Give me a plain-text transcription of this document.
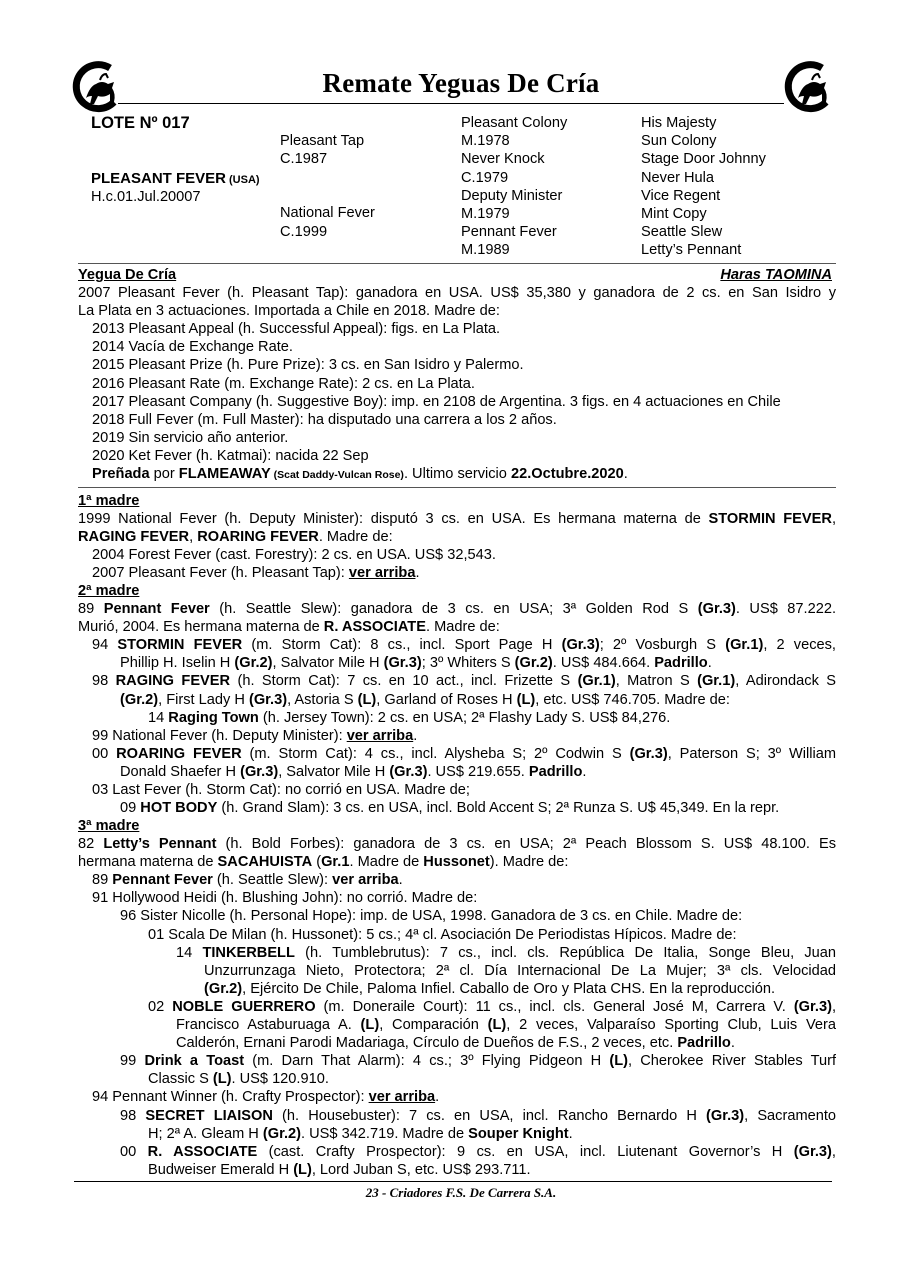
Remate Yeguas De Cría
LOTE Nº 017
PLEASANT FEVER (USA)
H.c.01.Jul.20007
Pleasant Tap
C.1987
National Fever
C.1999
Pleasant Colony
M.1978
Never Knock
C.1979
Deputy Minister
M.1979
Pennant Fever
M.1989
His Majesty
Sun Colony
Stage Door Johnny
Never Hula
Vice Regent
Mint Copy
Seattle Slew
Letty’s Pennant
Yegua De Cría	Haras TAOMINA
2007 Pleasant Fever (h. Pleasant Tap): ganadora en USA. US$ 35,380 y ganadora de 2 cs. en San Isidro y
La Plata en 3 actuaciones. Importada a Chile en 2018. Madre de:
2013 Pleasant Appeal (h. Successful Appeal): figs. en La Plata.
2014 Vacía de Exchange Rate.
2015 Pleasant Prize (h. Pure Prize): 3 cs. en San Isidro y Palermo.
2016 Pleasant Rate (m. Exchange Rate): 2 cs. en La Plata.
2017 Pleasant Company (h. Suggestive Boy): imp. en 2108 de Argentina. 3 figs. en 4 actuaciones en Chile
2018 Full Fever (m. Full Master): ha disputado una carrera a los 2 años.
2019 Sin servicio año anterior.
2020 Ket Fever (h. Katmai): nacida 22 Sep
Preñada por FLAMEAWAY (Scat Daddy-Vulcan Rose). Ultimo servicio 22.Octubre.2020.
1ª madre
1999 National Fever (h. Deputy Minister): disputó 3 cs. en USA. Es hermana materna de STORMIN FEVER,
RAGING FEVER, ROARING FEVER. Madre de:
2004 Forest Fever (cast. Forestry): 2 cs. en USA. US$ 32,543.
2007 Pleasant Fever (h. Pleasant Tap): ver arriba.
2ª madre
89 Pennant Fever (h. Seattle Slew): ganadora de 3 cs. en USA; 3ª Golden Rod S (Gr.3). US$ 87.222.
Murió, 2004. Es hermana materna de R. ASSOCIATE. Madre de:
94 STORMIN FEVER (m. Storm Cat): 8 cs., incl. Sport Page H (Gr.3); 2º Vosburgh S (Gr.1), 2 veces,
Phillip H. Iselin H (Gr.2), Salvator Mile H (Gr.3); 3º Whiters S (Gr.2). US$ 484.664. Padrillo.
98 RAGING FEVER (h. Storm Cat): 7 cs. en 10 act., incl. Frizette S (Gr.1), Matron S (Gr.1), Adirondack S
(Gr.2), First Lady H (Gr.3), Astoria S (L), Garland of Roses H (L), etc. US$ 746.705. Madre de:
14 Raging Town (h. Jersey Town): 2 cs. en USA; 2ª Flashy Lady S. US$ 84,276.
99 National Fever (h. Deputy Minister): ver arriba.
00 ROARING FEVER (m. Storm Cat): 4 cs., incl. Alysheba S; 2º Codwin S (Gr.3), Paterson S; 3º William
Donald Shaefer H (Gr.3), Salvator Mile H (Gr.3). US$ 219.655. Padrillo.
03 Last Fever (h. Storm Cat): no corrió en USA. Madre de;
09 HOT BODY (h. Grand Slam): 3 cs. en USA, incl. Bold Accent S; 2ª Runza S. U$ 45,349. En la repr.
3ª madre
82 Letty’s Pennant (h. Bold Forbes): ganadora de 3 cs. en USA; 2ª Peach Blossom S. US$ 48.100. Es
hermana materna de SACAHUISTA (Gr.1. Madre de Hussonet). Madre de:
89 Pennant Fever (h. Seattle Slew): ver arriba.
91 Hollywood Heidi (h. Blushing John): no corrió. Madre de:
96 Sister Nicolle (h. Personal Hope): imp. de USA, 1998. Ganadora de 3 cs. en Chile. Madre de:
01 Scala De Milan (h. Hussonet): 5 cs.; 4ª cl. Asociación De Periodistas Hípicos. Madre de:
14 TINKERBELL (h. Tumblebrutus): 7 cs., incl. cls. República De Italia, Songe Bleu, Juan
Unzurrunzaga Nieto, Protectora; 2ª cl. Día Internacional De La Mujer; 3ª cls. Velocidad
(Gr.2), Ejército De Chile, Paloma Infiel. Caballo de Oro y Plata CHS. En la reproducción.
02 NOBLE GUERRERO (m. Doneraile Court): 11 cs., incl. cls. General José M, Carrera V. (Gr.3),
Francisco Astaburuaga A. (L), Comparación (L), 2 veces, Valparaíso Sporting Club, Luis Vera
Calderón, Ernani Parodi Madariaga, Círculo de Dueños de F.S., 2 veces, etc. Padrillo.
99 Drink a Toast (m. Darn That Alarm): 4 cs.; 3º Flying Pidgeon H (L), Cherokee River Stables Turf
Classic S (L). US$ 120.910.
94 Pennant Winner (h. Crafty Prospector): ver arriba.
98 SECRET LIAISON (h. Housebuster): 7 cs. en USA, incl. Rancho Bernardo H (Gr.3), Sacramento
H; 2ª A. Gleam H (Gr.2). US$ 342.719. Madre de Souper Knight.
00 R. ASSOCIATE (cast. Crafty Prospector): 9 cs. en USA, incl. Liutenant Governor’s H (Gr.3),
Budweiser Emerald H (L), Lord Juban S, etc. US$ 293.711.
23 - Criadores F.S. De Carrera S.A.
